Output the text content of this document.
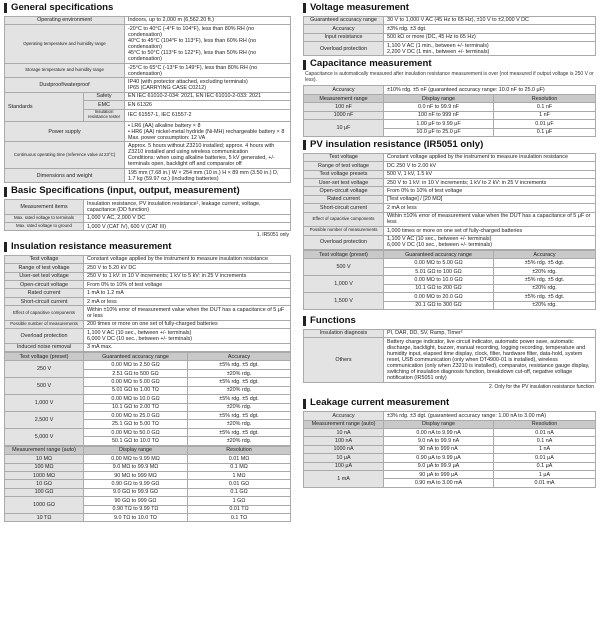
General specifications
Operating environment		Indoors, up to 2,000 m (6,562.20 ft.)
Operating temperature and humidity range		-20°C to 40°C (-4°F to 104°F), less than 80% RH (no condensation)
40°C to 45°C (104°F to 113°F), less than 60% RH (no condensation)
45°C to 50°C (113°F to 122°F), less than 50% RH (no condensation)
Storage temperature and humidity range		-25°C to 65°C (-13°F to 149°F), less than 80% RH (no condensation)
Dustproof/waterproof		IP40 (with protector attached, excluding terminals)
IP65 (CARRYING CASE C0212)
Standards	Safety	EN IEC 61010-2-034: 2021, EN IEC 61010-2-033: 2021
	EMC	EN 61326
	Insulation resistance tester	IEC 61557-1, IEC 61557-2
Power supply		• LR6 (AA) alkaline battery × 8
• HR6 (AA) nickel-metal hydride (Ni-MH) rechargeable battery × 8
Max. power consumption: 12 VA
Continuous operating time (reference value at 23°C)		Approx. 5 hours without Z3210 installed; approx. 4 hours with Z3210 installed and using wireless communication
Conditions: when using alkaline batteries, 5 kV generated, +/- terminals open, backlight off and comparator off
Dimensions and weight		195 mm (7.68 in.) W × 254 mm (10 in.) H × 89 mm (3.50 in.) D,
1.7 kg (59.97 oz.) (including batteries)
Basic Specifications (input, output, measurement)
Measurement items	Insulation resistance, PV insulation resistance¹, leakage current, voltage, capacitance (DD function)
Max. rated voltage to terminals	1,000 V AC, 2,000 V DC
Max. rated voltage to ground	1,000 V (CAT IV), 600 V (CAT III)
1. IR5051 only
Insulation resistance measurement
Test voltage	Constant voltage applied by the instrument to measure insulation resistance
Range of test voltage	250 V to 5.20 kV DC
User-set test voltage	250 V to 1 kV: in 10 V increments; 1 kV to 5 kV: in 25 V increments
Open-circuit voltage	From 0% to 10% of test voltage
Rated current	1 mA to 1.2 mA
Short-circuit current	2 mA or less
Effect of capacitive components	Within ±10% error of measurement value when the DUT has a capacitance of 5 μF or less
Possible number of measurements	200 times or more on one set of fully-charged batteries
Overload protection	1,100 V AC (10 sec., between +/- terminals)
6,000 V DC (10 sec., between +/- terminals)
Induced noise removal	3 mA max.
Test voltage (preset)	Guaranteed accuracy range	Accuracy
250 V	0.00 MΩ to 2.50 GΩ	±5% rdg. ±5 dgt.
	2.51 GΩ to 500 GΩ	±20% rdg.
500 V	0.00 MΩ to 5.00 GΩ	±5% rdg. ±5 dgt.
	5.01 GΩ to 1.00 TΩ	±20% rdg.
1,000 V	0.00 MΩ to 10.0 GΩ	±5% rdg. ±5 dgt.
	10.1 GΩ to 2.00 TΩ	±20% rdg.
2,500 V	0.00 MΩ to 25.0 GΩ	±5% rdg. ±5 dgt.
	25.1 GΩ to 5.00 TΩ	±20% rdg.
5,000 V	0.00 MΩ to 50.0 GΩ	±5% rdg. ±5 dgt.
	50.1 GΩ to 10.0 TΩ	±20% rdg.
Measurement range (auto)	Display range	Resolution
10 MΩ	0.00 MΩ to 9.99 MΩ	0.01 MΩ
100 MΩ	9.0 MΩ to 99.9 MΩ	0.1 MΩ
1000 MΩ	90 MΩ to 999 MΩ	1 MΩ
10 GΩ	0.90 GΩ to 9.99 GΩ	0.01 GΩ
100 GΩ	9.0 GΩ to 99.9 GΩ	0.1 GΩ
1000 GΩ	90 GΩ to 999 GΩ	1 GΩ
	0.90 TΩ to 9.99 TΩ	0.01 TΩ
10 TΩ	9.0 TΩ to 10.0 TΩ	0.1 TΩ
Voltage measurement
Guaranteed accuracy range	30 V to 1,000 V AC (45 Hz to 65 Hz), ±10 V to ±2,000 V DC
Accuracy	±3% rdg. ±3 dgt.
Input resistance	500 kΩ or more (DC, 45 Hz to 65 Hz)
Overload protection	1,100 V AC (1 min., between +/- terminals)
2,200 V DC (1 min., between +/- terminals)
Capacitance measurement
Capacitance is automatically measured after insulation resistance measurement is over (not measured if output voltage is 250 V or less).
Accuracy	±10% rdg. ±5 nF (guaranteed accuracy range: 10.0 nF to 25.0 μF)	
Measurement range	Display range	Resolution
100 nF	0.0 nF to 99.9 nF	0.1 nF
1000 nF	100 nF to 999 nF	1 nF
10 μF	1.00 μF to 9.99 μF	0.01 μF
	10.0 μF to 25.0 μF	0.1 μF
PV insulation resistance (IR5051 only)
Test voltage	Constant voltage applied by the instrument to measure insulation resistance
Range of test voltage	DC 250 V to 2.00 kV
Test voltage presets	500 V, 1 kV, 1.5 kV
User-set test voltage	250 V to 1 kV: in 10 V increments; 1 kV to 2 kV: in 25 V increments
Open-circuit voltage	From 0% to 10% of test voltage
Rated current	[Test voltage] / [20 MΩ]
Short-circuit current	2 mA or less
Effect of capacitive components	Within ±10% error of measurement value when the DUT has a capacitance of 5 μF or less
Possible number of measurements	1,000 times or more on one set of fully-charged batteries
Overload protection	1,100 V AC (10 sec., between +/- terminals)
6,000 V DC (10 sec., between +/- terminals)
Test voltage (preset)	Guaranteed accuracy range	Accuracy
500 V	0.00 MΩ to 5.00 GΩ	±5% rdg. ±5 dgt.
	5.01 GΩ to 100 GΩ	±20% rdg.
1,000 V	0.00 MΩ to 10.0 GΩ	±5% rdg. ±5 dgt.
	10.1 GΩ to 200 GΩ	±20% rdg.
1,500 V	0.00 MΩ to 20.0 GΩ	±5% rdg. ±5 dgt.
	20.1 GΩ to 300 GΩ	±20% rdg.
Functions
Insulation diagnosis	PI, DAR, DD, SV, Ramp, Timer²
Others	Battery charge indicator, live circuit indicator, automatic power save, automatic discharge, backlight, buzzer, manual recording, logging recording, temperature and humidity input, elapsed time display, clock, filter, hardware filter, data-hold, system reset, USB communication (only when DT4900-01 is installed), wireless communication (only when Z3210 is installed), comparator, resistance gauge display, switching of insulation diagnosis function, breakdown cut-off, negative voltage notification (IR5051 only)
2. Only for the PV insulation resistance function
Leakage current measurement
Accuracy	±3% rdg. ±3 dgt. (guaranteed accuracy range: 1.00 nA to 3.00 mA)	
Measurement range (auto)	Display range	Resolution
10 nA	0.00 nA to 9.99 nA	0.01 nA
100 nA	9.0 nA to 99.9 nA	0.1 nA
1000 nA	90 nA to 999 nA	1 nA
10 μA	0.90 μA to 9.99 μA	0.01 μA
100 μA	9.0 μA to 99.9 μA	0.1 μA
1 mA	90 μA to 999 μA	1 μA
	0.90 mA to 3.00 mA	0.01 mA
